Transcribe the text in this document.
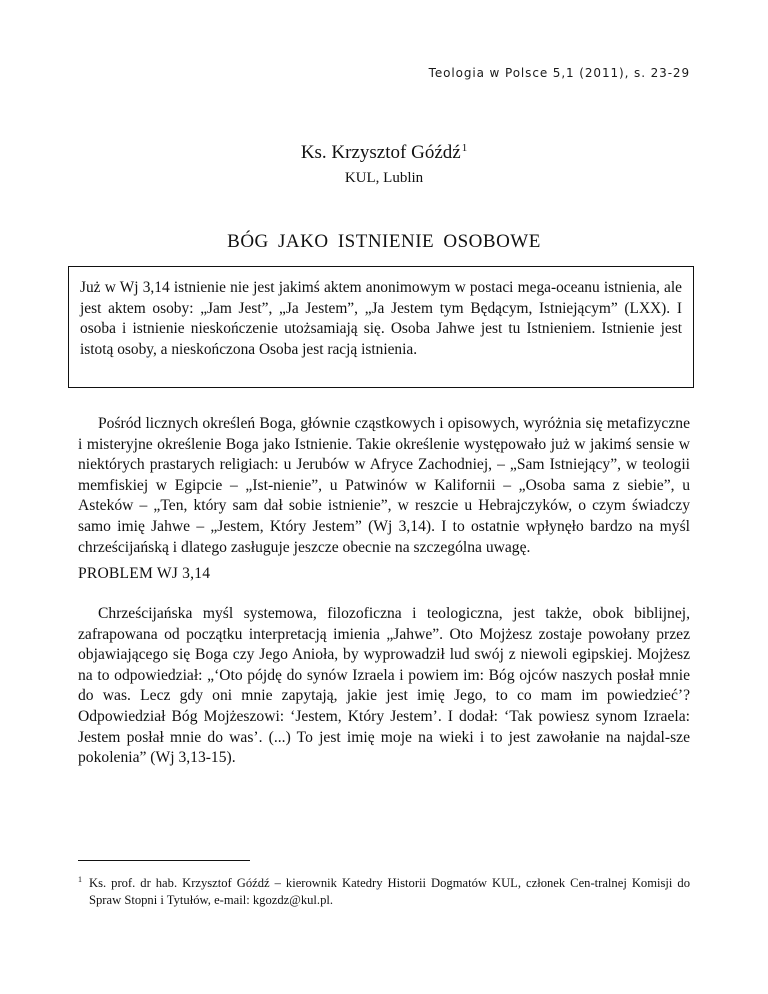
Teologia w Polsce 5,1 (2011), s. 23-29
Ks. Krzysztof Góźdź$^1$
KUL, Lublin
BÓG JAKO ISTNIENIE OSOBOWE
Już w Wj 3,14 istnienie nie jest jakimś aktem anonimowym w postaci mega-oceanu istnienia, ale jest aktem osoby: „Jam Jest”, „Ja Jestem”, „Ja Jestem tym Będącym, Istniejącym” (LXX). I osoba i istnienie nieskończenie utożsamiają się. Osoba Jahwe jest tu Istnieniem. Istnienie jest istotą osoby, a nieskończona Osoba jest racją istnienia.

Pośród licznych określeń Boga, głównie cząstkowych i opisowych, wyróżnia się metafizyczne i misteryjne określenie Boga jako Istnienie. Takie określenie występowało już w jakimś sensie w niektórych prastarych religiach: u Jerubów w Afryce Zachodniej, – „Sam Istniejący”, w teologii memfiskiej w Egipcie – „Ist-nienie”, u Patwinów w Kalifornii – „Osoba sama z siebie”, u Asteków – „Ten, który sam dał sobie istnienie”, w reszcie u Hebrajczyków, o czym świadczy samo imię Jahwe – „Jestem, Który Jestem” (Wj 3,14). I to ostatnie wpłynęło bardzo na myśl chrześcijańską i dlatego zasługuje jeszcze obecnie na szczególna uwagę.

PROBLEM WJ 3,14

Chrześcijańska myśl systemowa, filozoficzna i teologiczna, jest także, obok biblijnej, zafrapowana od początku interpretacją imienia „Jahwe”. Oto Mojżesz zostaje powołany przez objawiającego się Boga czy Jego Anioła, by wyprowadził lud swój z niewoli egipskiej. Mojżesz na to odpowiedział: „‘Oto pójdę do synów Izraela i powiem im: Bóg ojców naszych posłał mnie do was. Lecz gdy oni mnie zapytają, jakie jest imię Jego, to co mam im powiedzieć’? Odpowiedział Bóg Mojżeszowi: ‘Jestem, Który Jestem’. I dodał: ‘Tak powiesz synom Izraela: Jestem posłał mnie do was’. (...) To jest imię moje na wieki i to jest zawołanie na najdal-sze pokolenia” (Wj 3,13-15).

1 Ks. prof. dr hab. Krzysztof Góźdź – kierownik Katedry Historii Dogmatów KUL, członek Cen-tralnej Komisji do Spraw Stopni i Tytułów, e-mail: kgozdz@kul.pl.
